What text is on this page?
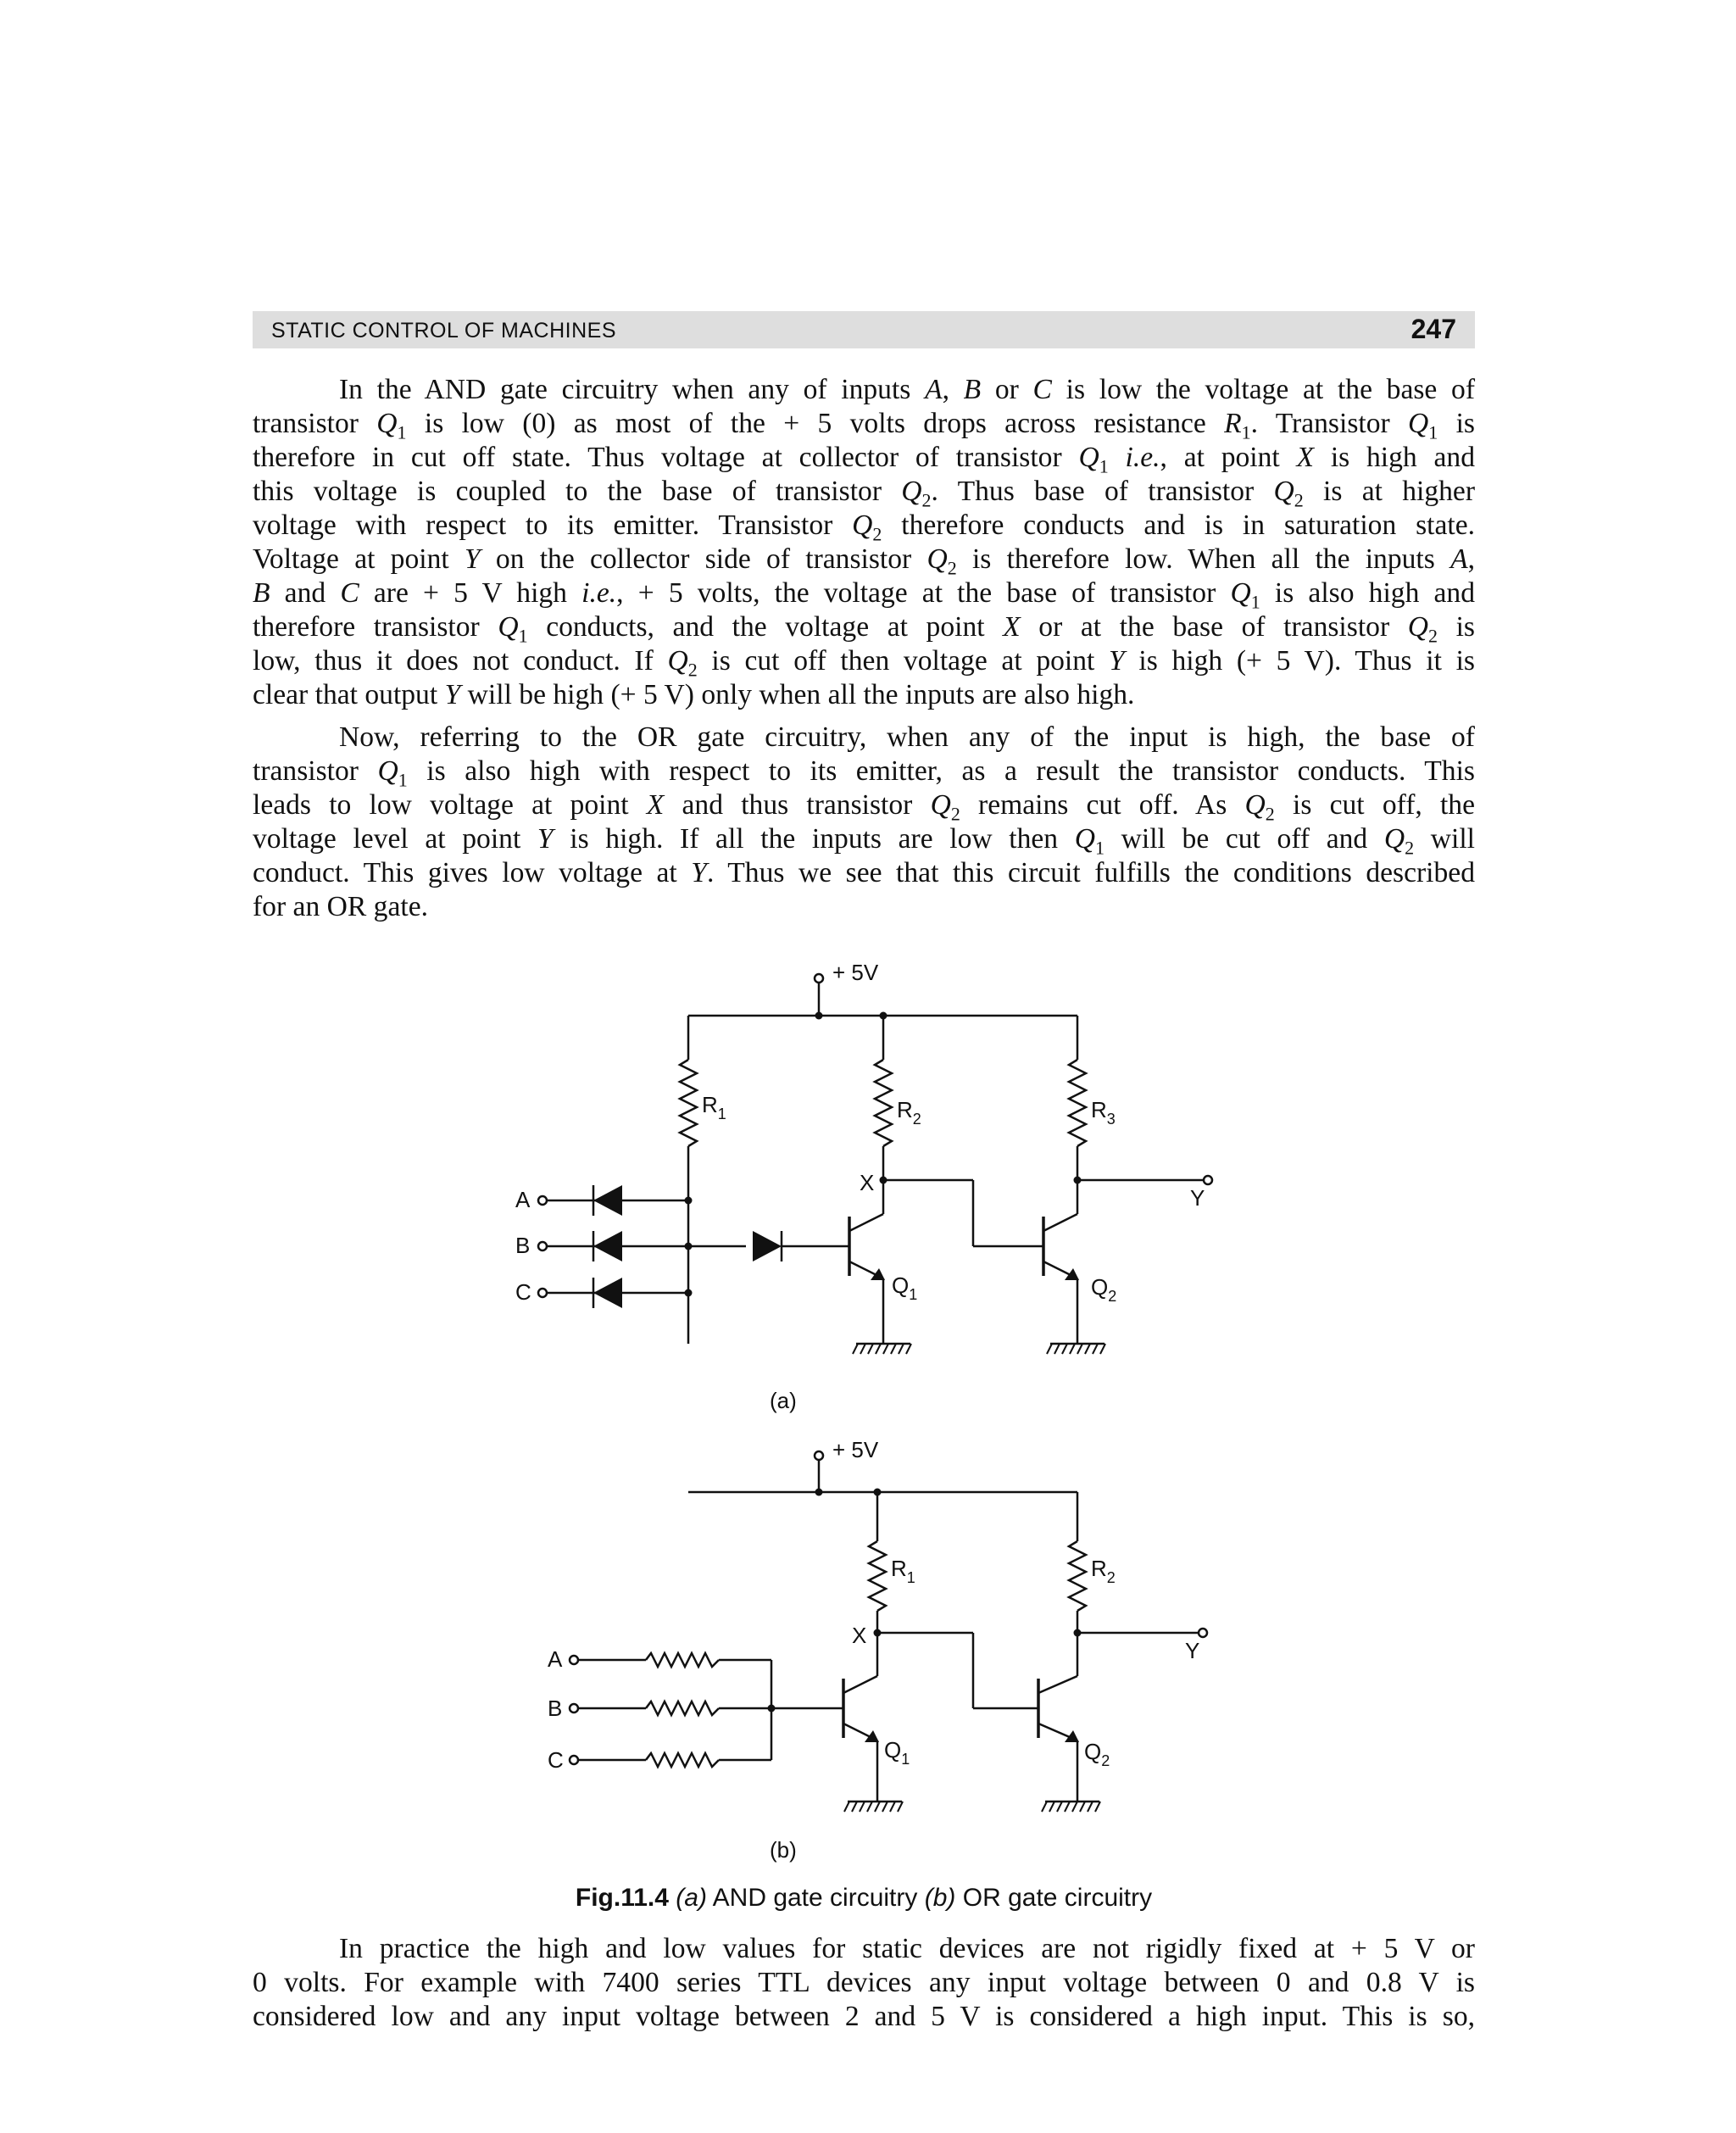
STATIC CONTROL OF MACHINES	247
In the AND gate circuitry when any of inputs A, B or C is low the voltage at the base of
transistor $Q_1$ is low (0) as most of the + 5 volts drops across resistance $R_1$. Transistor $Q_1$ is
therefore in cut off state. Thus voltage at collector of transistor $Q_1$ i.e., at point X is high and
this voltage is coupled to the base of transistor $Q_2$. Thus base of transistor $Q_2$ is at higher
voltage with respect to its emitter. Transistor $Q_2$ therefore conducts and is in saturation state.
Voltage at point Y on the collector side of transistor $Q_2$ is therefore low. When all the inputs A,
B and C are + 5 V high i.e., + 5 volts, the voltage at the base of transistor $Q_1$ is also high and
therefore transistor $Q_1$ conducts, and the voltage at point X or at the base of transistor $Q_2$ is
low, thus it does not conduct. If $Q_2$ is cut off then voltage at point Y is high (+ 5 V). Thus it is
clear that output Y will be high (+ 5 V) only when all the inputs are also high.
Now, referring to the OR gate circuitry, when any of the input is high, the base of
transistor $Q_1$ is also high with respect to its emitter, as a result the transistor conducts. This
leads to low voltage at point X and thus transistor $Q_2$ remains cut off. As $Q_2$ is cut off, the
voltage level at point Y is high. If all the inputs are low then $Q_1$ will be cut off and $Q_2$ will
conduct. This gives low voltage at Y. Thus we see that this circuit fulfills the conditions described
for an OR gate.
In practice the high and low values for static devices are not rigidly fixed at + 5 V or
0 volts. For example with 7400 series TTL devices any input voltage between 0 and 0.8 V is
considered low and any input voltage between 2 and 5 V is considered a high input. This is so,
+ 5V
A
B
C
$R_1$	$R_2$	$R_3$
X
Y
$Q_1$	$Q_2$
(a)
+ 5V
A
B
C
$R_1$	$R_2$
X
Y
$Q_1$	$Q_2$
(b)
Fig.11.4 (a) AND gate circuitry (b) OR gate circuitry
